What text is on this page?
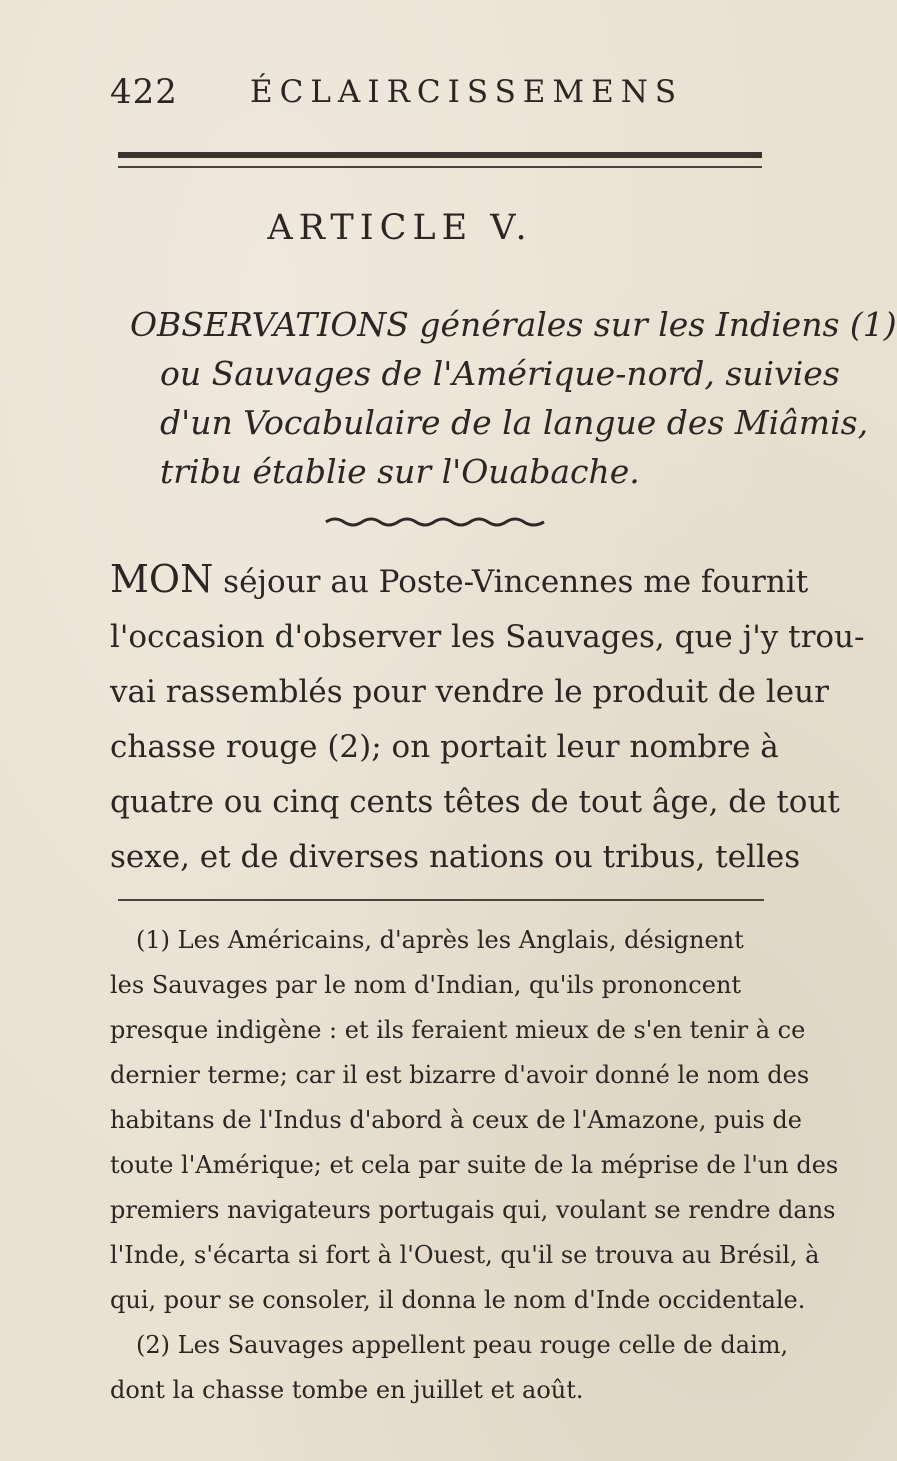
422 ÉCLAIRCISSEMENS
ARTICLE V.
OBSERVATIONS générales sur les Indiens (1)
ou Sauvages de l'Amérique-nord, suivies
d'un Vocabulaire de la langue des Miâmis,
tribu établie sur l'Ouabache.
MON séjour au Poste-Vincennes me fournit
l'occasion d'observer les Sauvages, que j'y trou-
vai rassemblés pour vendre le produit de leur
chasse rouge (2); on portait leur nombre à
quatre ou cinq cents têtes de tout âge, de tout
sexe, et de diverses nations ou tribus, telles
(1) Les Américains, d'après les Anglais, désignent
les Sauvages par le nom d'Indian, qu'ils prononcent
presque indigène : et ils feraient mieux de s'en tenir à ce
dernier terme; car il est bizarre d'avoir donné le nom des
habitans de l'Indus d'abord à ceux de l'Amazone, puis de
toute l'Amérique; et cela par suite de la méprise de l'un des
premiers navigateurs portugais qui, voulant se rendre dans
l'Inde, s'écarta si fort à l'Ouest, qu'il se trouva au Brésil, à
qui, pour se consoler, il donna le nom d'Inde occidentale.
(2) Les Sauvages appellent peau rouge celle de daim,
dont la chasse tombe en juillet et août.
